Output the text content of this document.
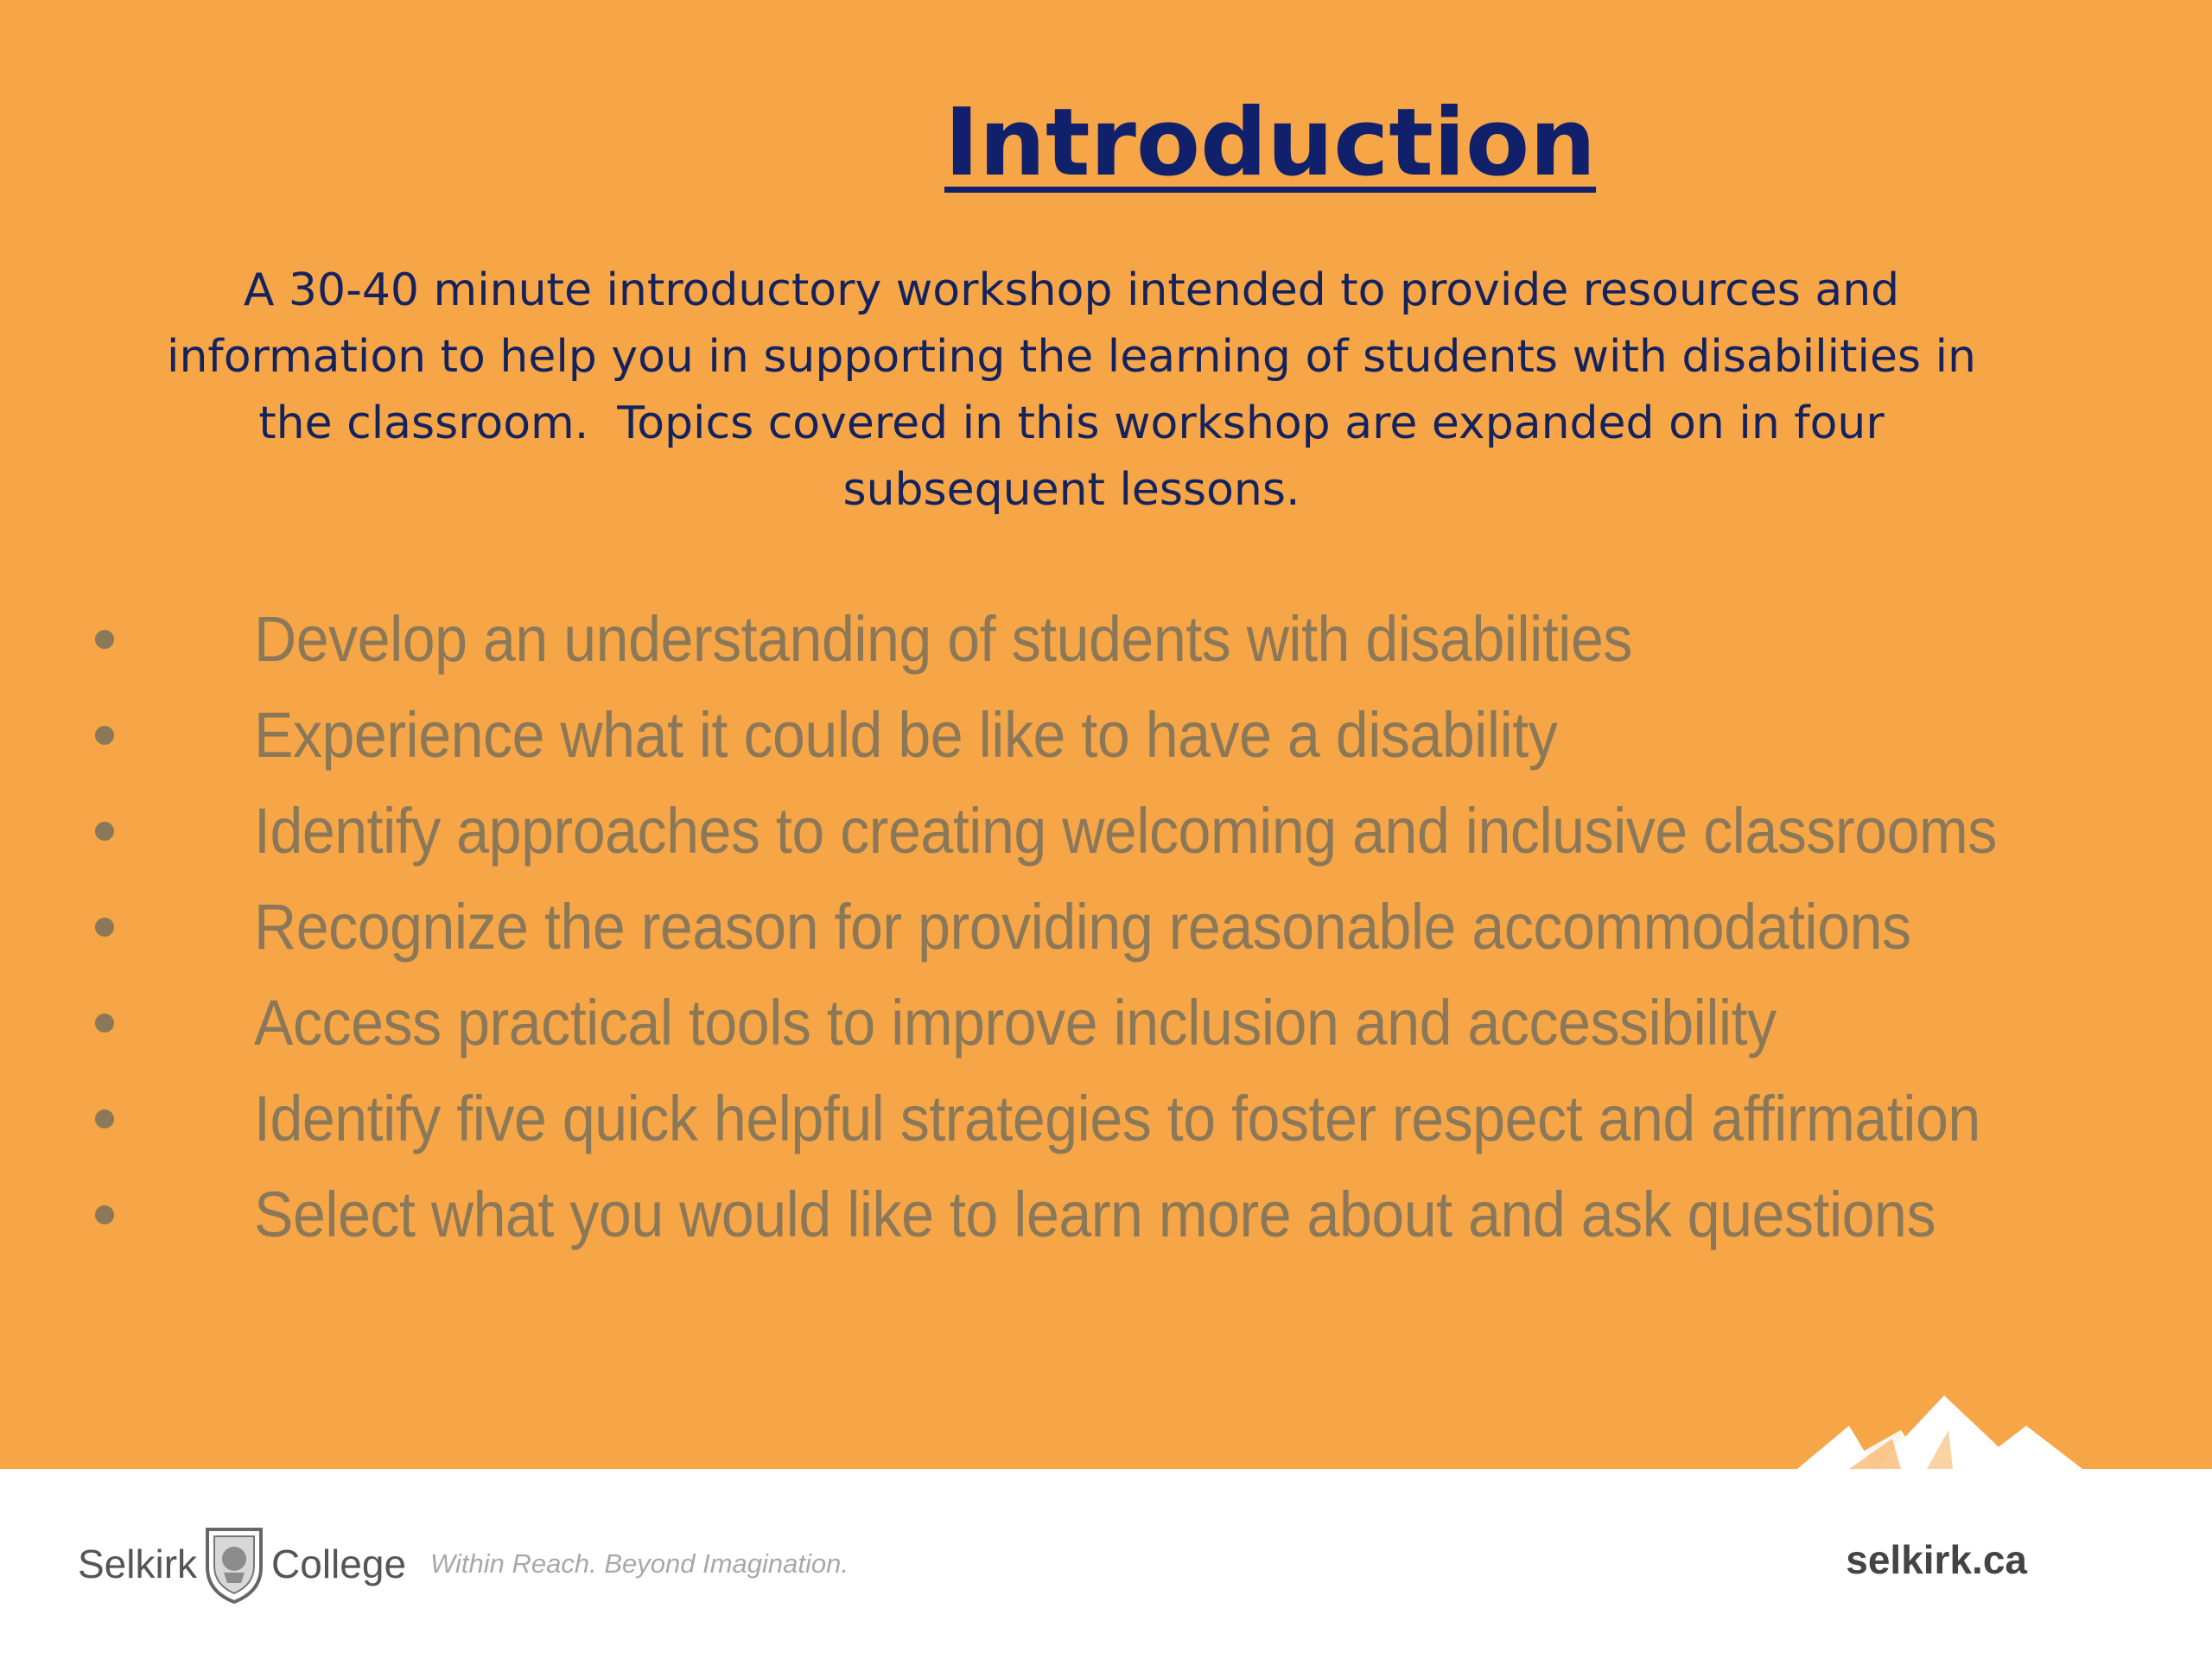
Introduction
A 30-40 minute introductory workshop intended to provide resources and
information to help you in supporting the learning of students with disabilities in
the classroom.  Topics covered in this workshop are expanded on in four
subsequent lessons.
Develop an understanding of students with disabilities
Experience what it could be like to have a disability
Identify approaches to creating welcoming and inclusive classrooms
Recognize the reason for providing reasonable accommodations
Access practical tools to improve inclusion and accessibility
Identify five quick helpful strategies to foster respect and affirmation
Select what you would like to learn more about and ask questions
Selkirk College Within Reach. Beyond Imagination.	selkirk.ca
